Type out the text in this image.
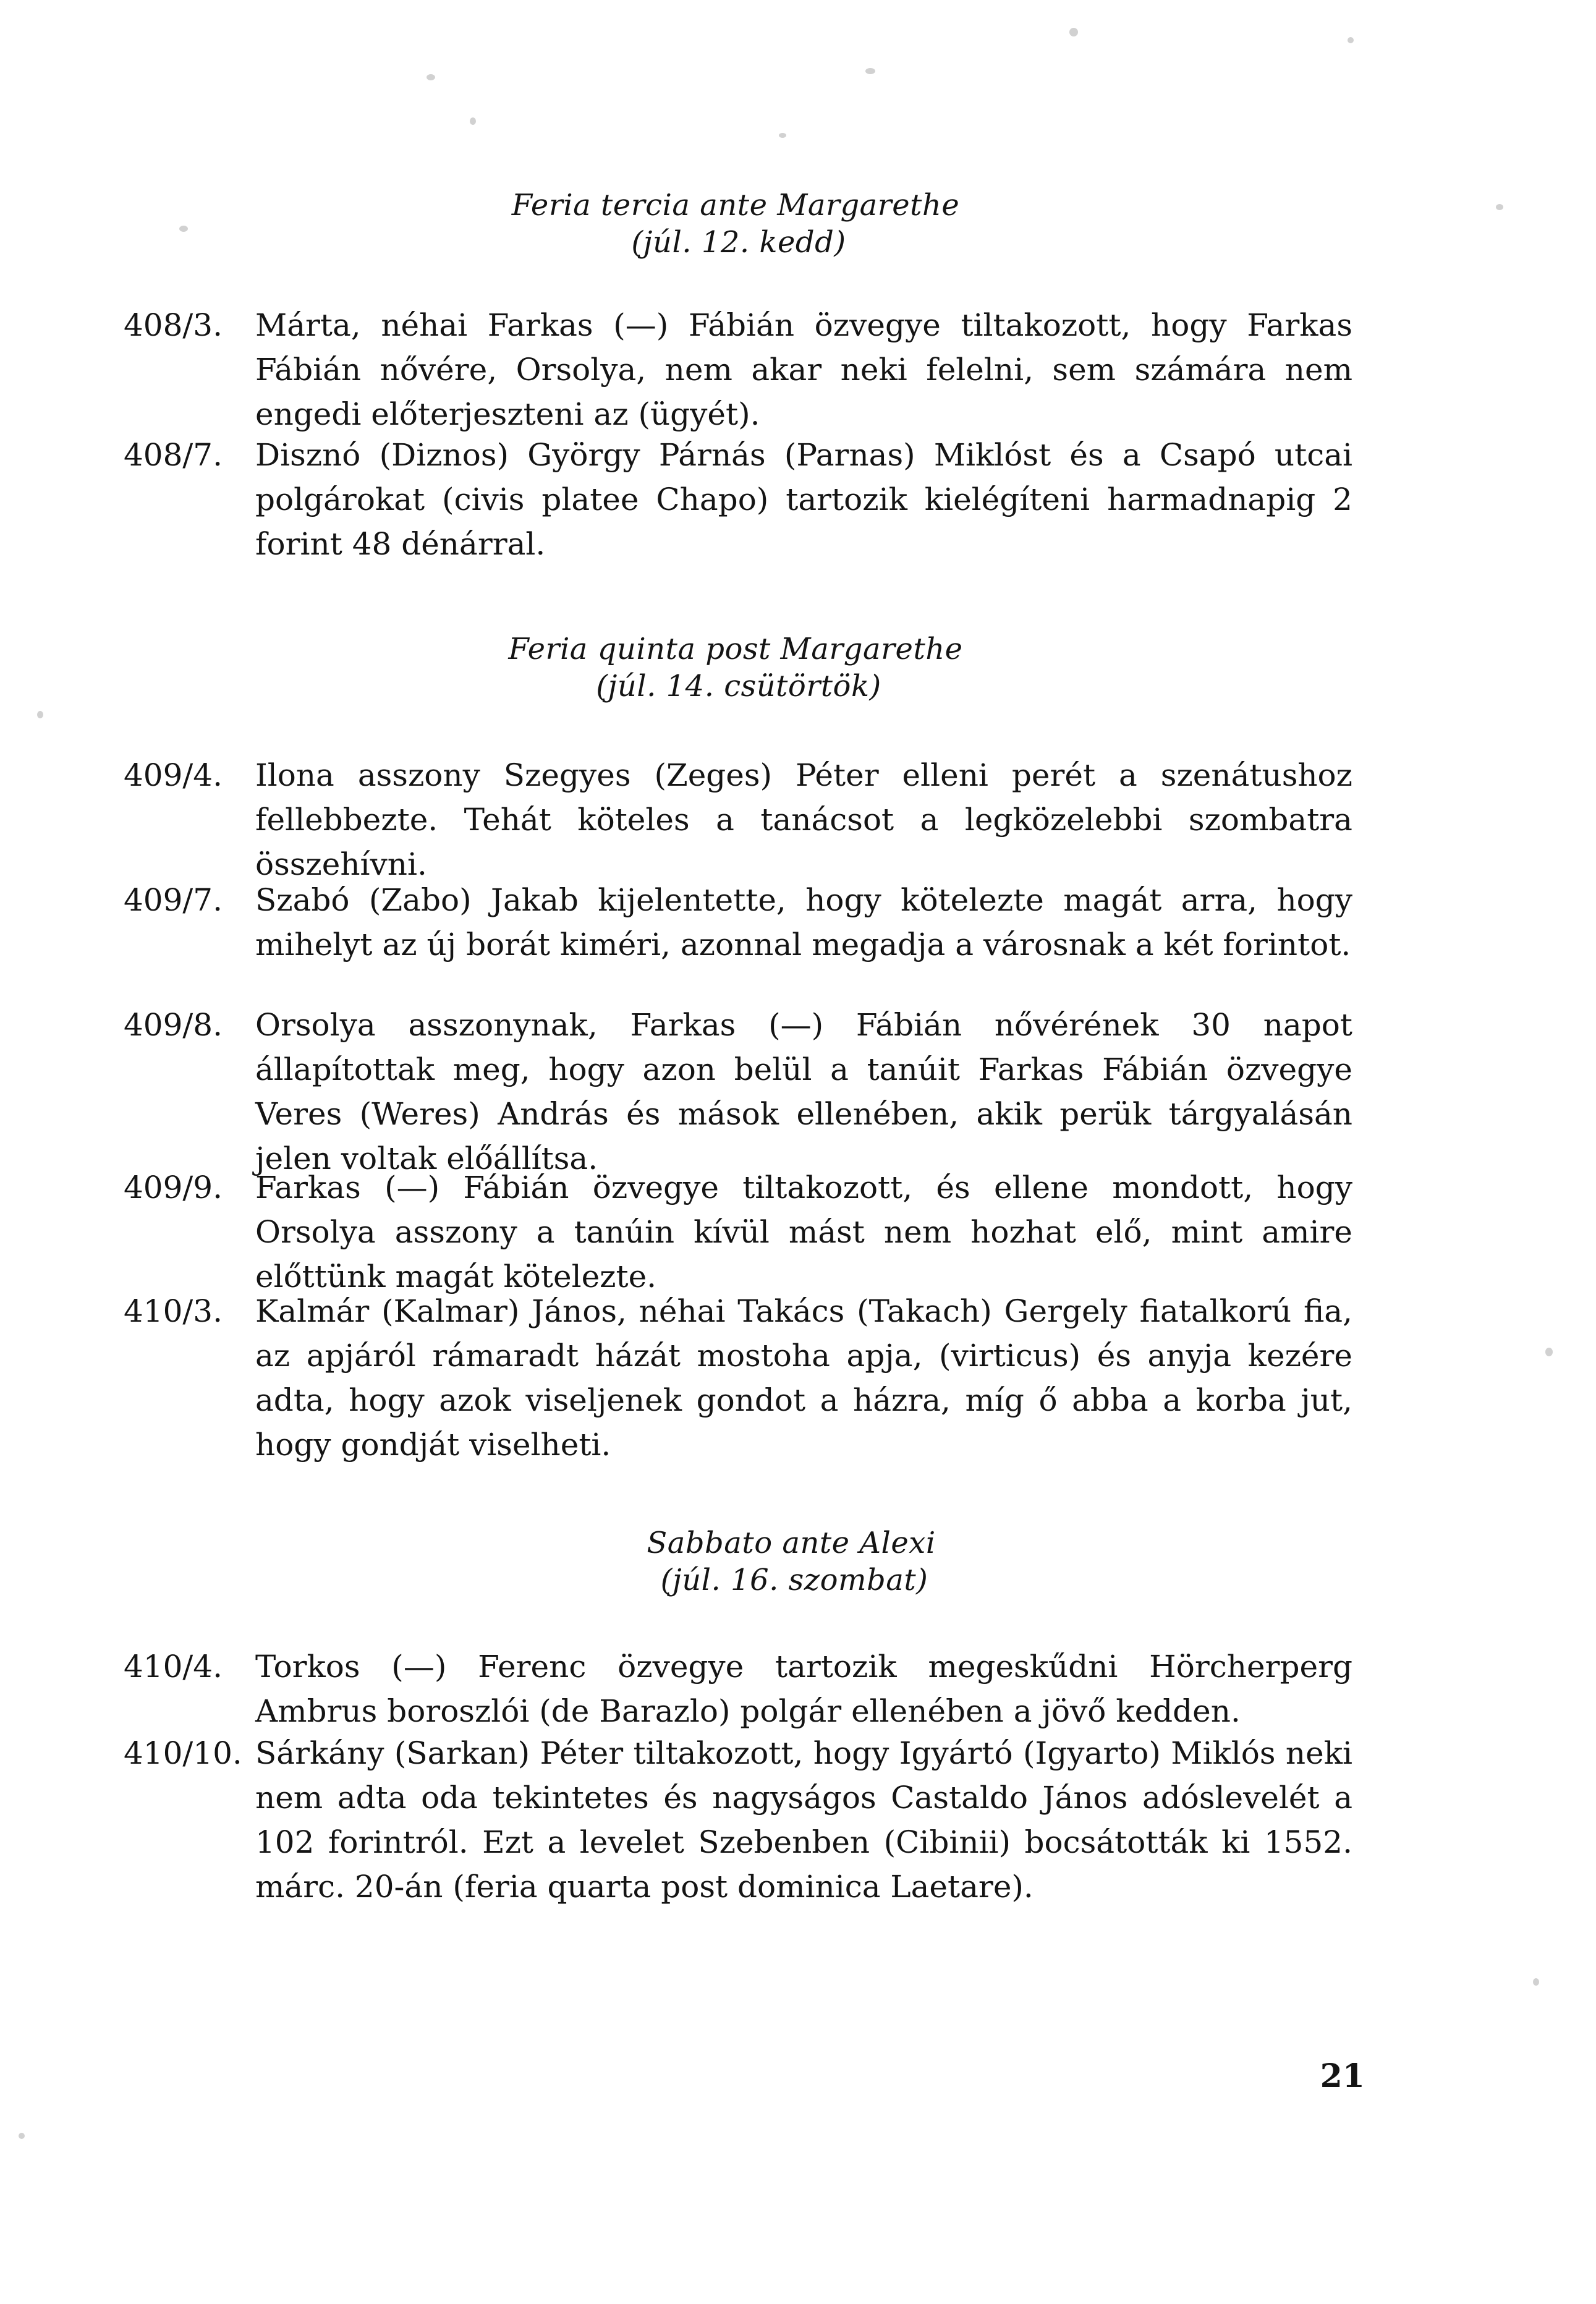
Feria tercia ante Margarethe
(júl. 12. kedd)
408/3.	Márta, néhai Farkas (—) Fábián özvegye tiltakozott, hogy Farkas Fábián nővére, Orsolya, nem akar neki felelni, sem számára nem engedi előterjeszteni az (ügyét).
408/7.	Disznó (Diznos) György Párnás (Parnas) Miklóst és a Csapó utcai polgárokat (civis platee Chapo) tartozik kielégíteni harmadnapig 2 forint 48 dénárral.
Feria quinta post Margarethe
(júl. 14. csütörtök)
409/4.	Ilona asszony Szegyes (Zeges) Péter elleni perét a szenátushoz fellebbezte. Tehát köteles a tanácsot a legközelebbi szombatra összehívni.
409/7.	Szabó (Zabo) Jakab kijelentette, hogy kötelezte magát arra, hogy mihelyt az új borát kiméri, azonnal megadja a városnak a két forintot.
409/8.	Orsolya asszonynak, Farkas (—) Fábián nővérének 30 napot állapítottak meg, hogy azon belül a tanúit Farkas Fábián özvegye Veres (Weres) András és mások ellenében, akik perük tárgyalásán jelen voltak előállítsa.
409/9.	Farkas (—) Fábián özvegye tiltakozott, és ellene mondott, hogy Orsolya asszony a tanúin kívül mást nem hozhat elő, mint amire előttünk magát kötelezte.
410/3.	Kalmár (Kalmar) János, néhai Takács (Takach) Gergely fiatalkorú fia, az apjáról rámaradt házát mostoha apja, (virticus) és anyja kezére adta, hogy azok viseljenek gondot a házra, míg ő abba a korba jut, hogy gondját viselheti.
Sabbato ante Alexi
(júl. 16. szombat)
410/4.	Torkos (—) Ferenc özvegye tartozik megeskűdni Hörcherperg Ambrus boroszlói (de Barazlo) polgár ellenében a jövő kedden.
410/10. Sárkány (Sarkan) Péter tiltakozott, hogy Igyártó (Igyarto) Miklós neki nem adta oda tekintetes és nagyságos Castaldo János adóslevelét a 102 forintról. Ezt a levelet Szebenben (Cibinii) bocsátották ki 1552. márc. 20-án (feria quarta post dominica Laetare).
21
